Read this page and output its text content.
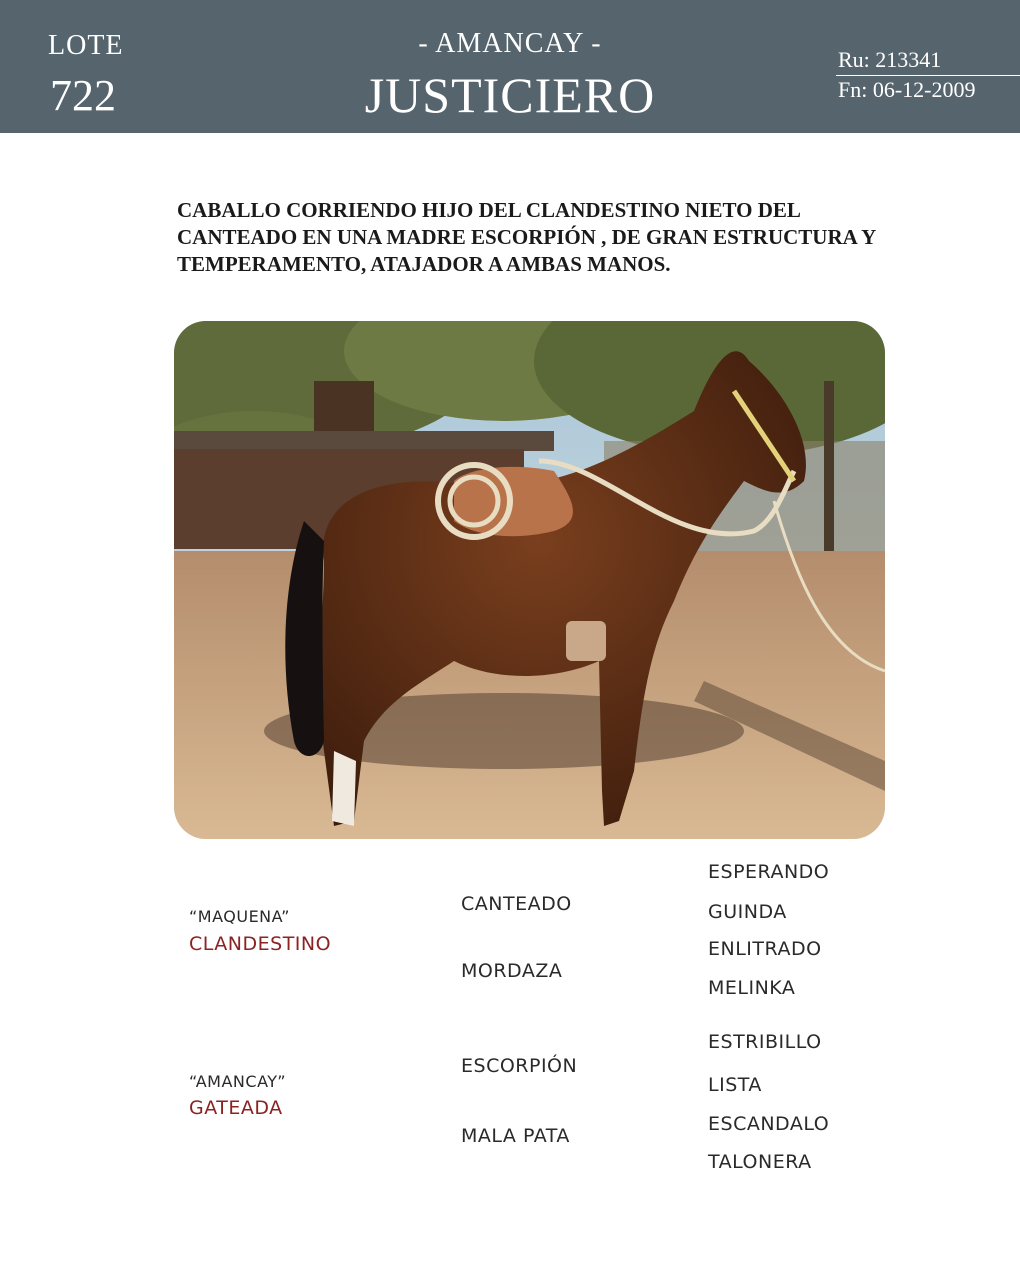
LOTE
722
- AMANCAY -
JUSTICIERO
Ru: 213341
Fn: 06-12-2009
CABALLO CORRIENDO HIJO DEL CLANDESTINO NIETO DEL CANTEADO EN UNA MADRE ESCORPIÓN , DE GRAN ESTRUCTURA Y TEMPERAMENTO, ATAJADOR A AMBAS MANOS.
“MAQUENA”
CLANDESTINO
CANTEADO
MORDAZA
ESPERANDO
GUINDA
ENLITRADO
MELINKA
“AMANCAY”
GATEADA
ESCORPIÓN
MALA PATA
ESTRIBILLO
LISTA
ESCANDALO
TALONERA
